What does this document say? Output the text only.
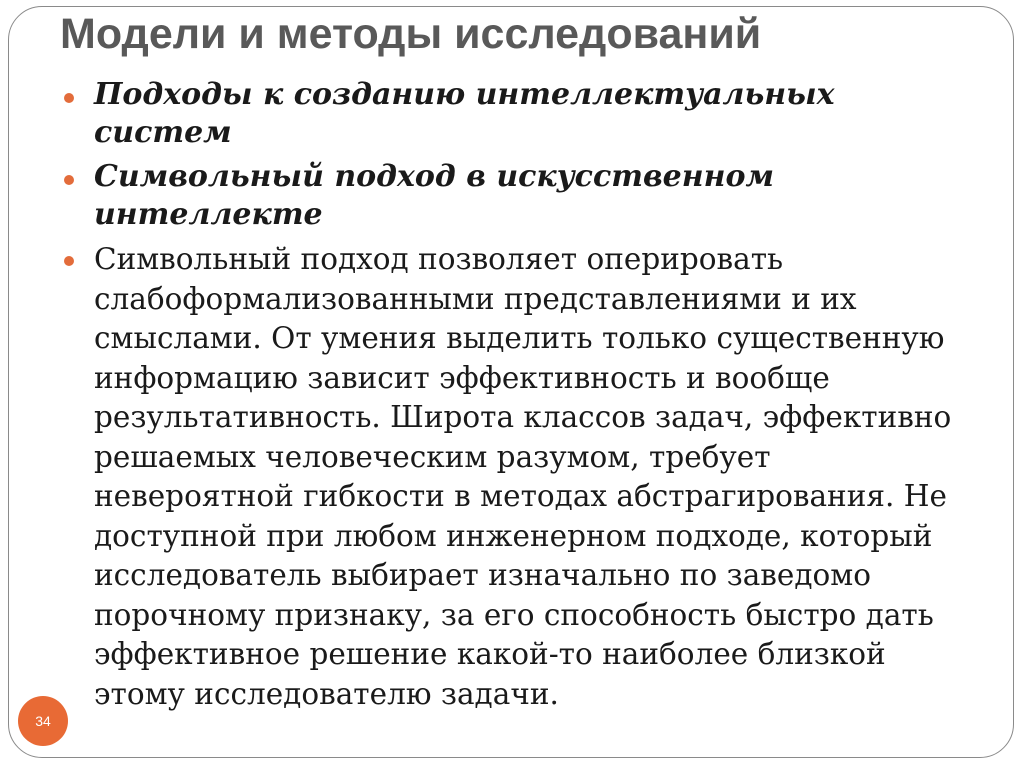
Модели и методы исследований
Подходы к созданию интеллектуальных систем
Символьный подход в искусственном интеллекте
Символьный подход позволяет оперировать слабоформализованными представлениями и их смыслами. От умения выделить только существенную информацию зависит эффективность и вообще результативность. Широта классов задач, эффективно решаемых человеческим разумом, требует невероятной гибкости в методах абстрагирования. Не доступной при любом инженерном подходе, который исследователь выбирает изначально по заведомо порочному признаку, за его способность быстро дать эффективное решение какой-то наиболее близкой этому исследователю задачи.
34
